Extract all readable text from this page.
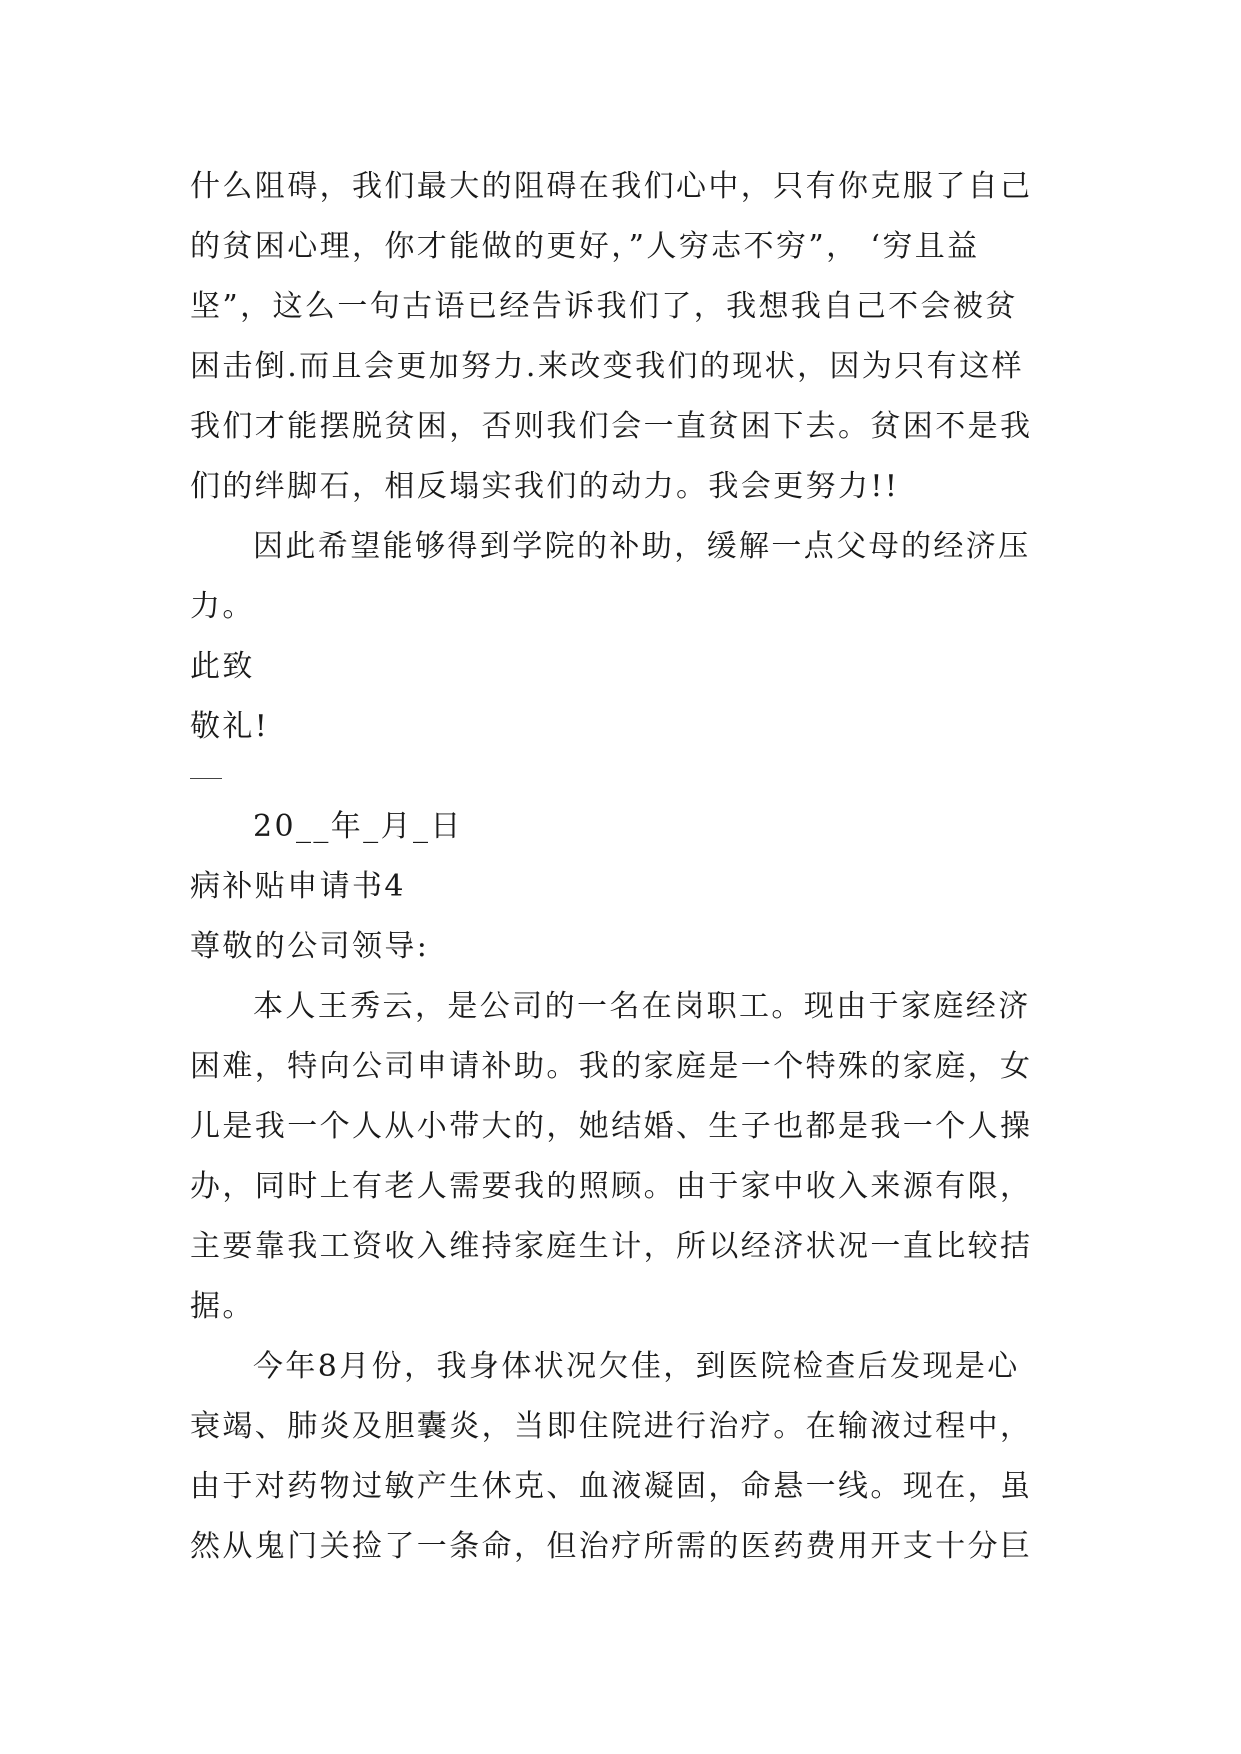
什么阻碍，我们最大的阻碍在我们心中，只有你克服了自己
的贫困心理，你才能做的更好，”人穷志不穷”， ‘穷且益
坚”，这么一句古语已经告诉我们了，我想我自己不会被贫
困击倒.而且会更加努力.来改变我们的现状，因为只有这样
我们才能摆脱贫困，否则我们会一直贫困下去。贫困不是我
们的绊脚石，相反塌实我们的动力。我会更努力!!
因此希望能够得到学院的补助，缓解一点父母的经济压
力。
此致
敬礼!
20__年_月_日
病补贴申请书4
尊敬的公司领导:
本人王秀云，是公司的一名在岗职工。现由于家庭经济
困难，特向公司申请补助。我的家庭是一个特殊的家庭，女
儿是我一个人从小带大的，她结婚、生子也都是我一个人操
办，同时上有老人需要我的照顾。由于家中收入来源有限，
主要靠我工资收入维持家庭生计，所以经济状况一直比较拮
据。
今年8月份，我身体状况欠佳，到医院检查后发现是心
衰竭、肺炎及胆囊炎，当即住院进行治疗。在输液过程中，
由于对药物过敏产生休克、血液凝固，命悬一线。现在，虽
然从鬼门关捡了一条命，但治疗所需的医药费用开支十分巨
